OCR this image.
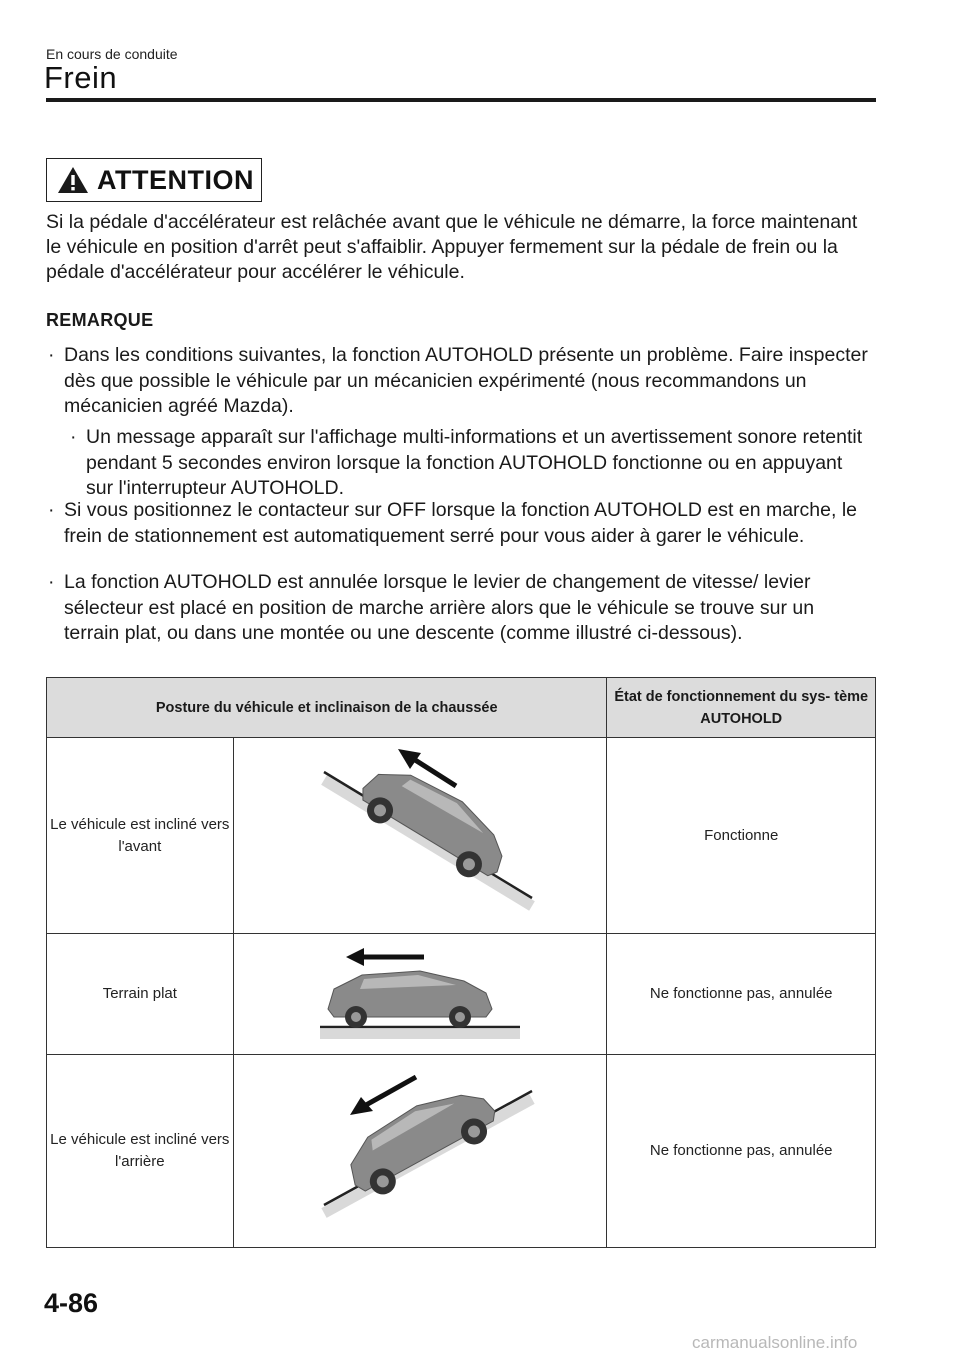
En cours de conduite
Frein
ATTENTION
Si la pédale d'accélérateur est relâchée avant que le véhicule ne démarre, la force maintenant le véhicule en position d'arrêt peut s'affaiblir. Appuyer fermement sur la pédale de frein ou la pédale d'accélérateur pour accélérer le véhicule.
REMARQUE
· Dans les conditions suivantes, la fonction AUTOHOLD présente un problème. Faire inspecter dès que possible le véhicule par un mécanicien expérimenté (nous recommandons un mécanicien agréé Mazda).
· Un message apparaît sur l'affichage multi-informations et un avertissement sonore retentit pendant 5 secondes environ lorsque la fonction AUTOHOLD fonctionne ou en appuyant sur l'interrupteur AUTOHOLD.
· Si vous positionnez le contacteur sur OFF lorsque la fonction AUTOHOLD est en marche, le frein de stationnement est automatiquement serré pour vous aider à garer le véhicule.
· La fonction AUTOHOLD est annulée lorsque le levier de changement de vitesse/ levier sélecteur est placé en position de marche arrière alors que le véhicule se trouve sur un terrain plat, ou dans une montée ou une descente (comme illustré ci-dessous).
Posture du véhicule et inclinaison de la chaussée		État de fonctionnement du sys- tème AUTOHOLD
Le véhicule est incliné vers l'avant		Fonctionne
Terrain plat		Ne fonctionne pas, annulée
Le véhicule est incliné vers l'arrière		Ne fonctionne pas, annulée
4-86
carmanualsonline.info
